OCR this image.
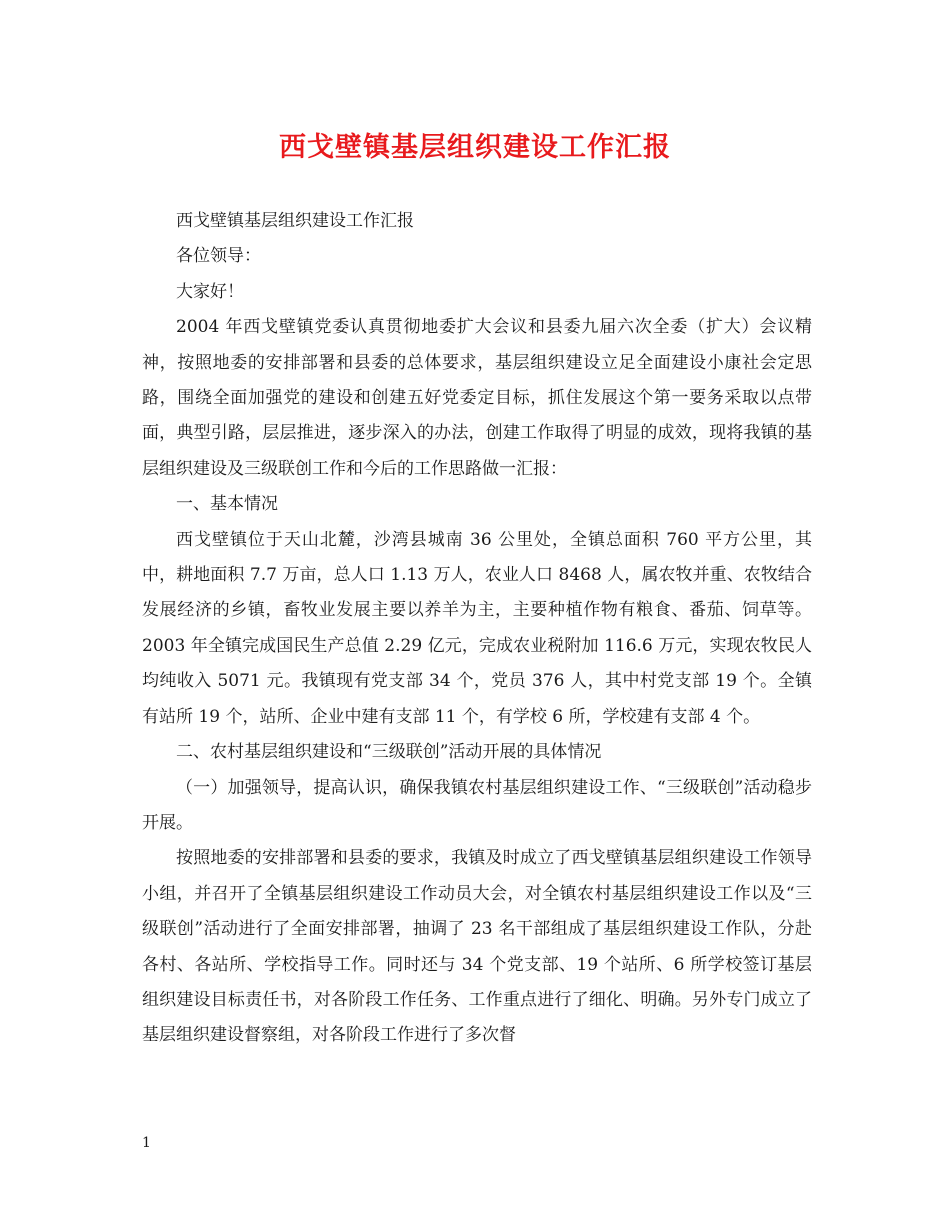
西戈壁镇基层组织建设工作汇报

西戈壁镇基层组织建设工作汇报

各位领导：

大家好！

2004 年西戈壁镇党委认真贯彻地委扩大会议和县委九届六次全委（扩大）会议精神，按照地委的安排部署和县委的总体要求，基层组织建设立足全面建设小康社会定思路，围绕全面加强党的建设和创建五好党委定目标，抓住发展这个第一要务采取以点带面，典型引路，层层推进，逐步深入的办法，创建工作取得了明显的成效，现将我镇的基层组织建设及三级联创工作和今后的工作思路做一汇报：

一、基本情况

西戈壁镇位于天山北麓，沙湾县城南 36 公里处，全镇总面积 760 平方公里，其中，耕地面积 7.7 万亩，总人口 1.13 万人，农业人口 8468 人，属农牧并重、农牧结合发展经济的乡镇，畜牧业发展主要以养羊为主，主要种植作物有粮食、番茄、饲草等。2003 年全镇完成国民生产总值 2.29 亿元，完成农业税附加 116.6 万元，实现农牧民人均纯收入 5071 元。我镇现有党支部 34 个，党员 376 人，其中村党支部 19 个。全镇有站所 19 个，站所、企业中建有支部 11 个，有学校 6 所，学校建有支部 4 个。

二、农村基层组织建设和“三级联创”活动开展的具体情况

（一）加强领导，提高认识，确保我镇农村基层组织建设工作、“三级联创”活动稳步开展。

按照地委的安排部署和县委的要求，我镇及时成立了西戈壁镇基层组织建设工作领导小组，并召开了全镇基层组织建设工作动员大会，对全镇农村基层组织建设工作以及“三级联创”活动进行了全面安排部署，抽调了 23 名干部组成了基层组织建设工作队，分赴各村、各站所、学校指导工作。同时还与 34 个党支部、19 个站所、6 所学校签订基层组织建设目标责任书，对各阶段工作任务、工作重点进行了细化、明确。另外专门成立了基层组织建设督察组，对各阶段工作进行了多次督

1
